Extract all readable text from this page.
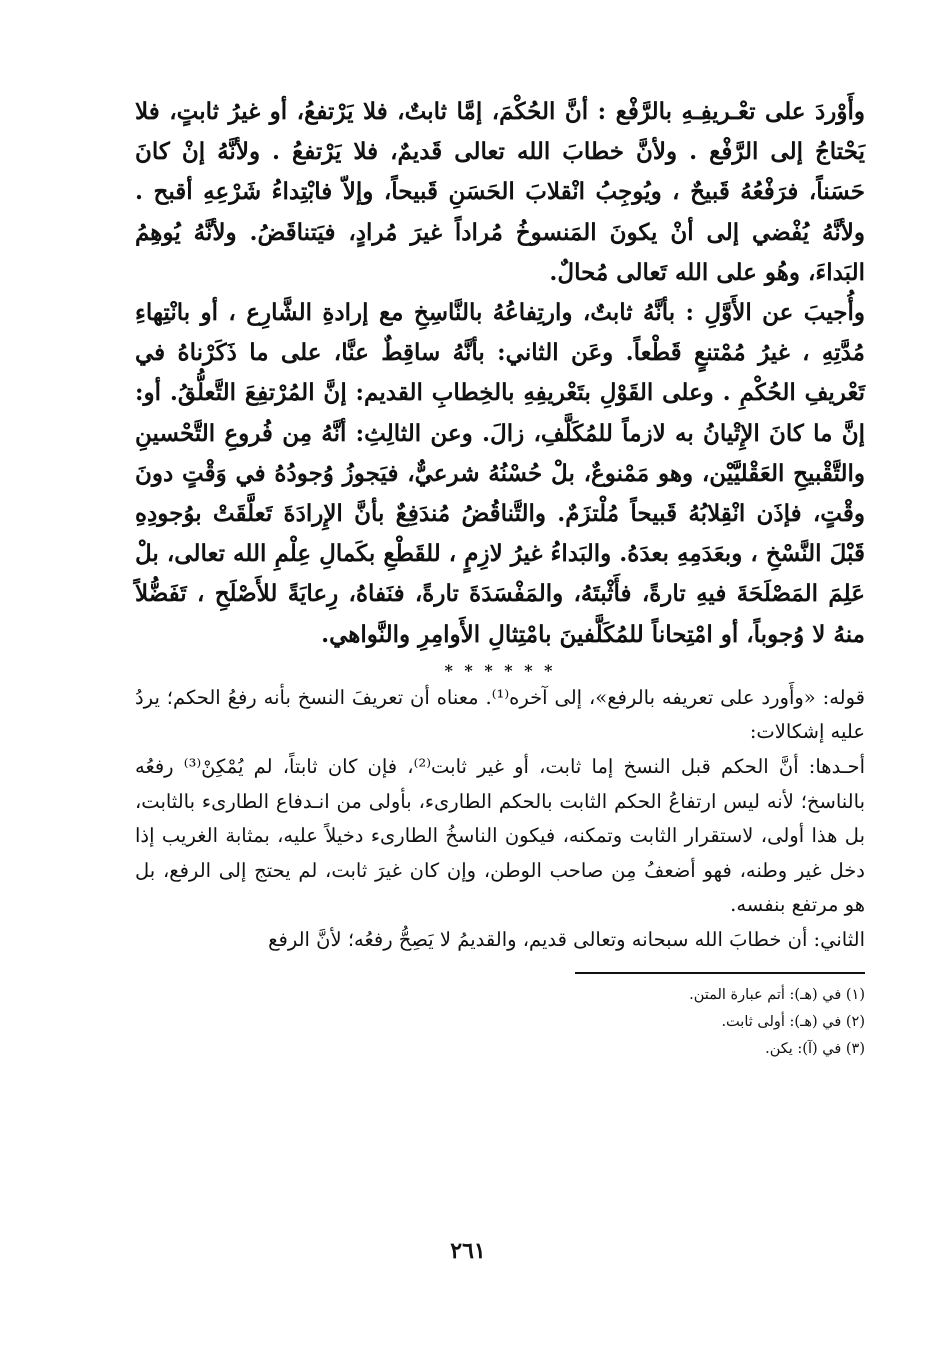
وأَوْردَ على تعْـريفِـهِ بالرَّفْع : أنَّ الحُكْمَ، إمَّا ثابتٌ، فلا يَرْتفعُ، أو غيرُ ثابتٍ، فلا يَحْتاجُ إلى الرَّفْع . ولأنَّ خطابَ الله تعالى قَديمٌ، فلا يَرْتفعُ . ولأنَّهُ إنْ كانَ حَسَناً، فرَفْعُهُ قَبيحٌ ، ويُوجِبُ انْقلابَ الحَسَنِ قَبيحاً، وإلاّ فابْتِداءُ شَرْعِهِ أقبح . ولأنَّهُ يُفْضي إلى أنْ يكونَ المَنسوخُ مُراداً غيرَ مُرادٍ، فيَتناقَضُ. ولأنَّهُ يُوهِمُ البَداءَ، وهُو على الله تَعالى مُحالٌ.

وأُجيبَ عن الأَوَّلِ : بأنَّهُ ثابتٌ، وارتِفاعُهُ بالنَّاسِخِ مع إرادةِ الشَّارِع ، أو بانْتِهاءِ مُدَّتِهِ ، غيرُ مُمْتنعٍ قَطْعاً. وعَن الثاني: بأنَّهُ ساقِطٌ عنَّا، على ما ذَكَرْناهُ في تَعْريفِ الحُكْمِ . وعلى القَوْلِ بتَعْريفِهِ بالخِطابِ القديم: إنَّ المُرْتفِعَ التَّعلُّقُ. أو: إنَّ ما كانَ الإِتْيانُ به لازماً للمُكَلَّفِ، زالَ. وعن الثالِثِ: أنَّهُ مِن فُروعِ التَّحْسينِ والتَّقْبيحِ العَقْليَّيْن، وهو مَمْنوعٌ، بلْ حُسْنُهُ شرعيٌّ، فيَجوزُ وُجودُهُ في وَقْتٍ دونَ وقْتٍ، فإذَن انْقِلابُهُ قَبيحاً مُلْتزَمٌ. والتَّناقُضُ مُندَفِعٌ بأنَّ الإِرادَةَ تَعلَّقَتْ بوُجودِهِ قَبْلَ النَّسْخِ ، وبعَدَمِهِ بعدَهُ. والبَداءُ غيرُ لازِمٍ ، للقَطْعِ بكَمالِ عِلْمِ الله تعالى، بلْ عَلِمَ المَصْلَحَةَ فيهِ تارةً، فأَثْبتَهُ، والمَفْسَدَةَ تارةً، فنَفاهُ، رِعايَةً للأَصْلَحِ ، تَفَضُّلاً منهُ لا وُجوباً، أو امْتِحاناً للمُكَلَّفينَ بامْتِثالِ الأَوامِرِ والنَّواهي.

* * * * * *

قوله: «وأَورد على تعريفه بالرفع»، إلى آخره⁽¹⁾. معناه أن تعريفَ النسخ بأنه رفعُ الحكم؛ يردُ عليه إشكالات:

أحـدها: أنَّ الحكم قبل النسخ إما ثابت، أو غير ثابت⁽²⁾، فإن كان ثابتاً، لم يُمْكِنْ⁽³⁾ رفعُه بالناسخ؛ لأنه ليس ارتفاعُ الحكم الثابت بالحكم الطارىء، بأولى من انـدفاع الطارىء بالثابت، بل هذا أولى، لاستقرار الثابت وتمكنه، فيكون الناسخُ الطارىء دخيلاً عليه، بمثابة الغريب إذا دخل غير وطنه، فهو أضعفُ مِن صاحب الوطن، وإن كان غيرَ ثابت، لم يحتج إلى الرفع، بل هو مرتفع بنفسه.

الثاني: أن خطابَ الله سبحانه وتعالى قديم، والقديمُ لا يَصِحُّ رفعُه؛ لأنَّ الرفع

(١) في (هـ): أتم عبارة المتن.

(٢) في (هـ): أولى ثابت.

(٣) في (آ): يكن.

٢٦١
